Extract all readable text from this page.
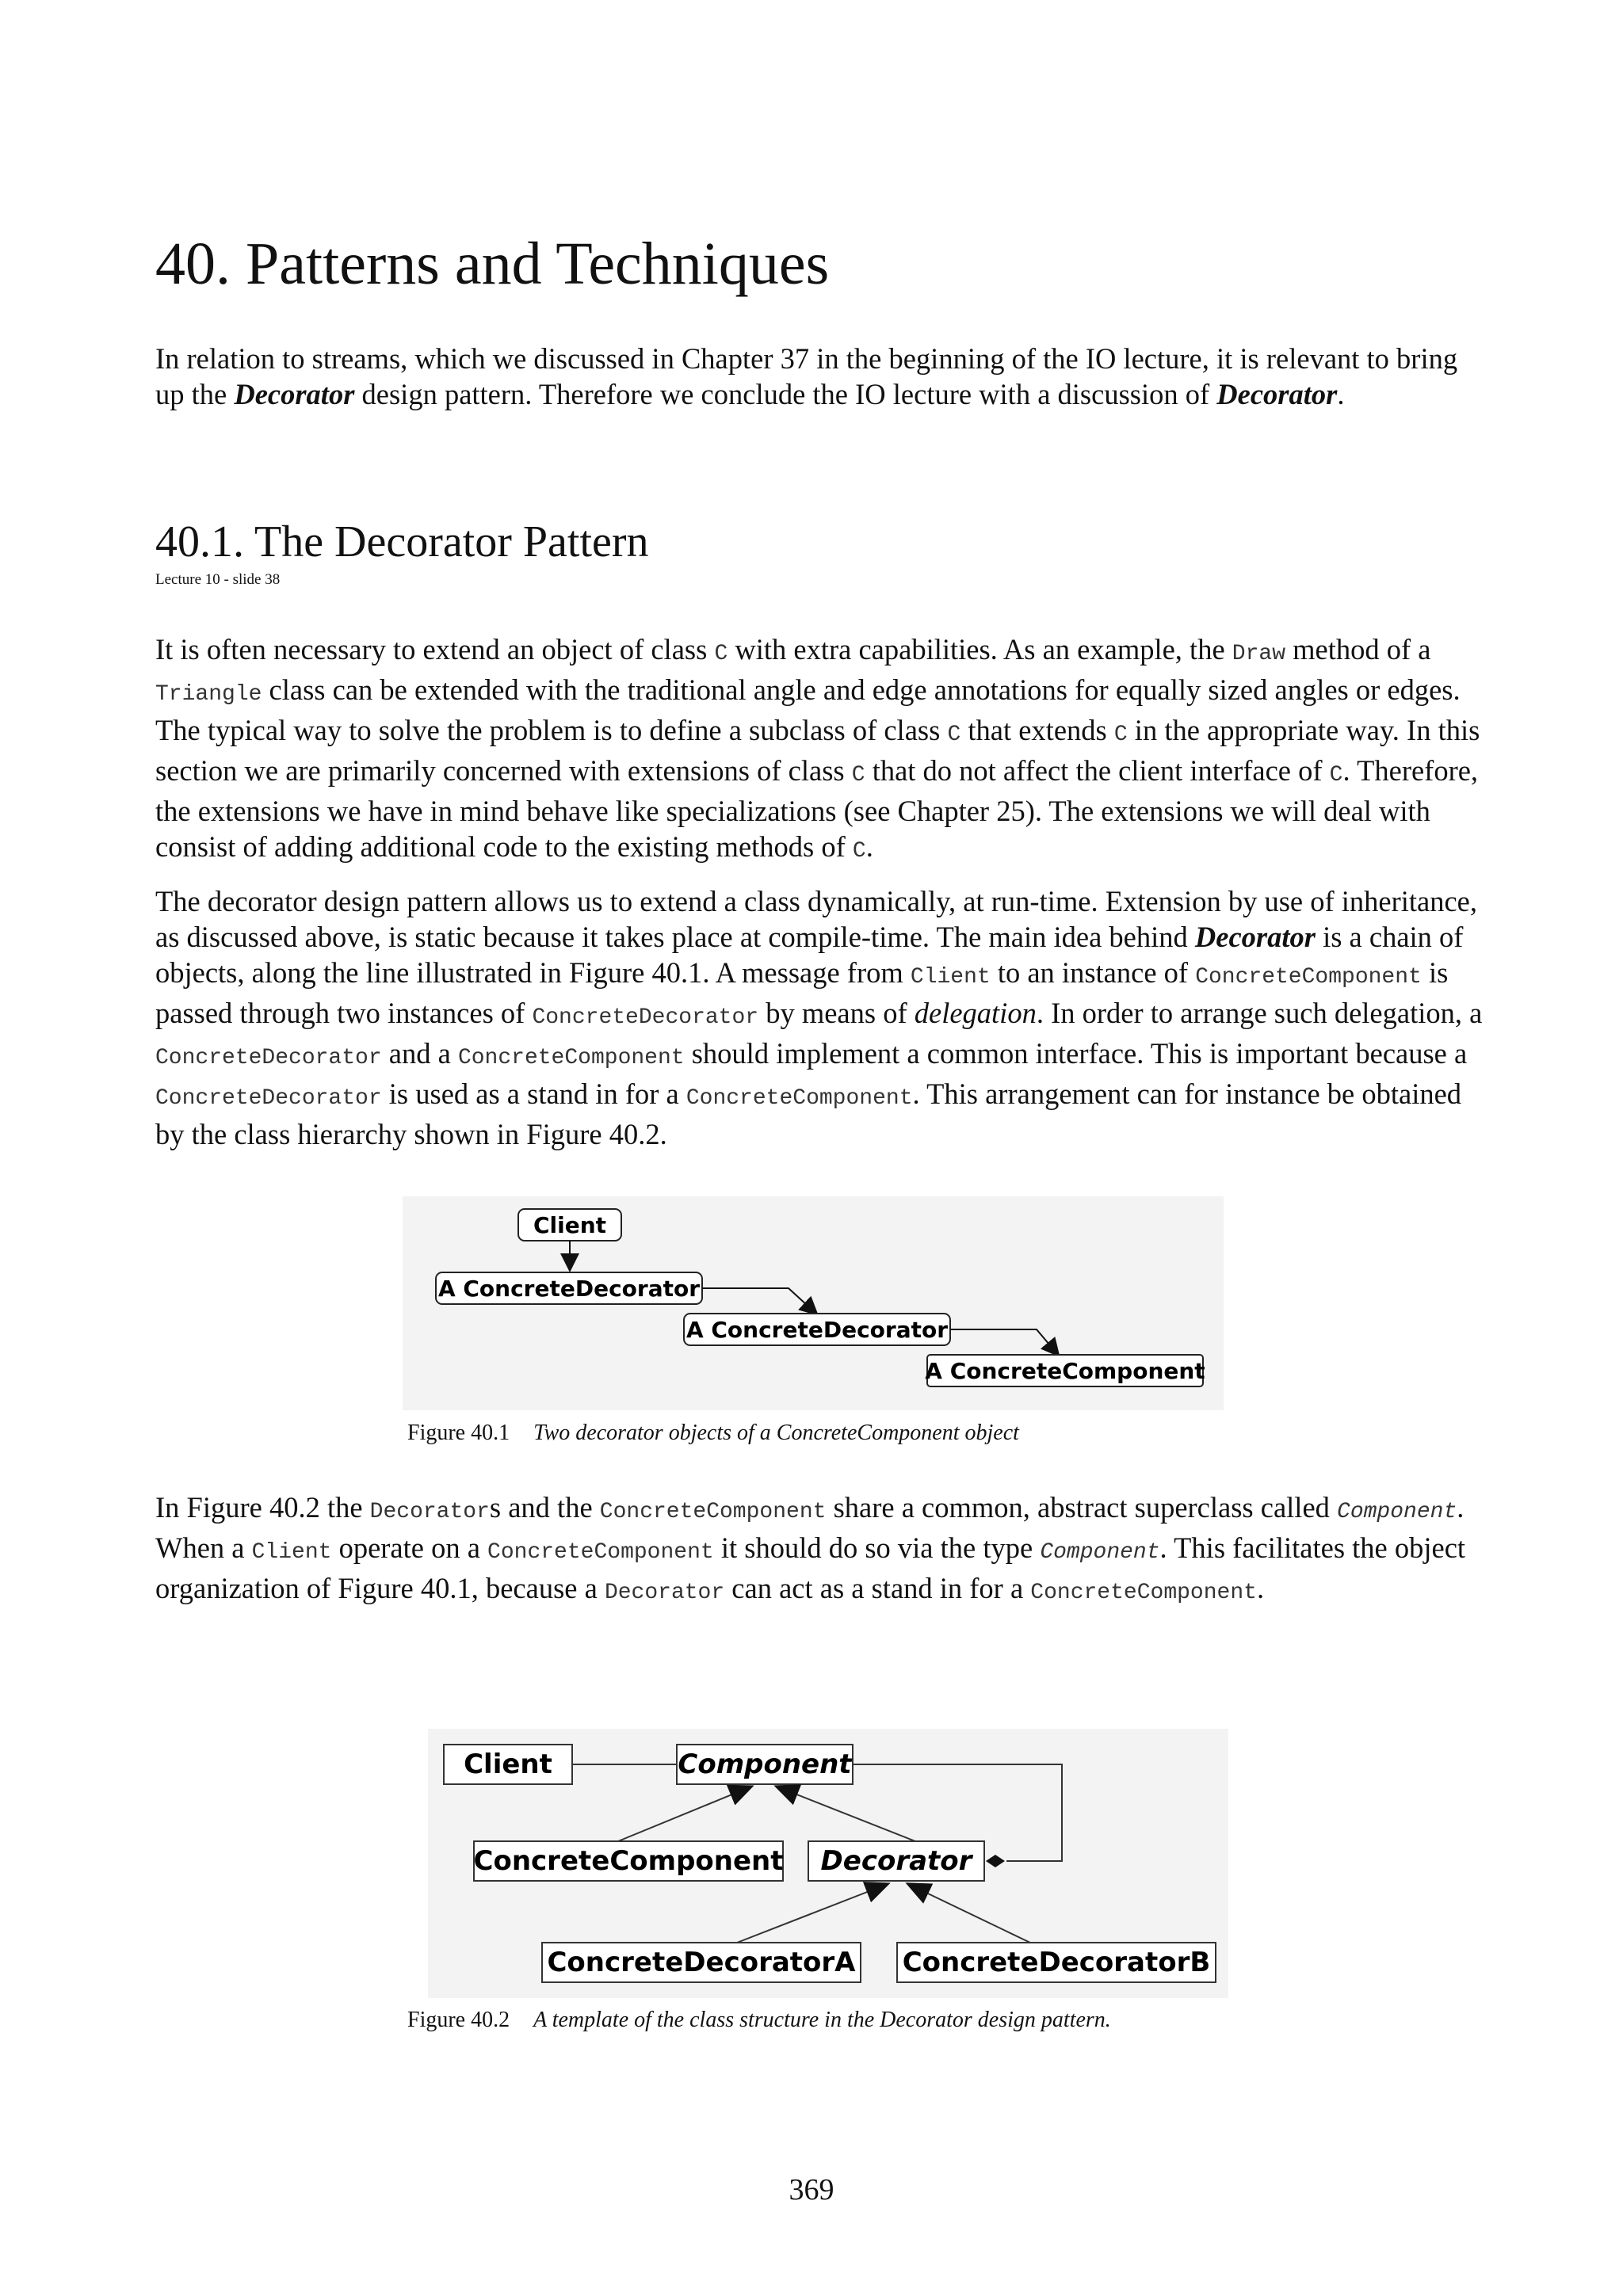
40. Patterns and Techniques

In relation to streams, which we discussed in Chapter 37 in the beginning of the IO lecture, it is relevant to bring up the Decorator design pattern. Therefore we conclude the IO lecture with a discussion of Decorator.

40.1. The Decorator Pattern
Lecture 10 - slide 38

It is often necessary to extend an object of class C with extra capabilities. As an example, the Draw method of a Triangle class can be extended with the traditional angle and edge annotations for equally sized angles or edges. The typical way to solve the problem is to define a subclass of class C that extends C in the appropriate way. In this section we are primarily concerned with extensions of class C that do not affect the client interface of C. Therefore, the extensions we have in mind behave like specializations (see Chapter 25). The extensions we will deal with consist of adding additional code to the existing methods of C.

The decorator design pattern allows us to extend a class dynamically, at run-time. Extension by use of inheritance, as discussed above, is static because it takes place at compile-time. The main idea behind Decorator is a chain of objects, along the line illustrated in Figure 40.1. A message from Client to an instance of ConcreteComponent is passed through two instances of ConcreteDecorator by means of delegation. In order to arrange such delegation, a ConcreteDecorator and a ConcreteComponent should implement a common interface. This is important because a ConcreteDecorator is used as a stand in for a ConcreteComponent. This arrangement can for instance be obtained by the class hierarchy shown in Figure 40.2.

Client
A ConcreteDecorator
A ConcreteDecorator
A ConcreteComponent

Figure 40.1 Two decorator objects of a ConcreteComponent object

In Figure 40.2 the Decorators and the ConcreteComponent share a common, abstract superclass called Component. When a Client operate on a ConcreteComponent it should do so via the type Component. This facilitates the object organization of Figure 40.1, because a Decorator can act as a stand in for a ConcreteComponent.

Client	Component
ConcreteComponent Decorator
ConcreteDecoratorA ConcreteDecoratorB

Figure 40.2 A template of the class structure in the Decorator design pattern.

369
